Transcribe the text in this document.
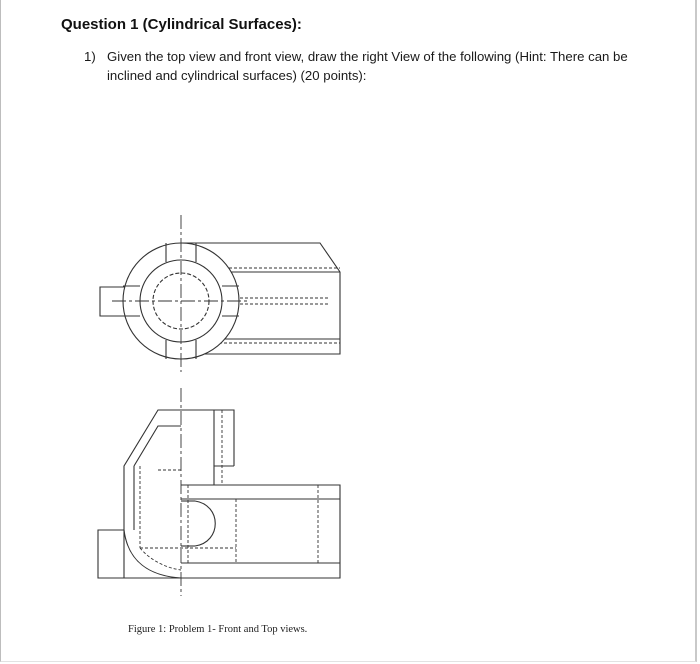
Question 1 (Cylindrical Surfaces):
1) Given the top view and front view, draw the right View of the following (Hint: There can be inclined and cylindrical surfaces) (20 points):
Figure 1: Problem 1- Front and Top views.
